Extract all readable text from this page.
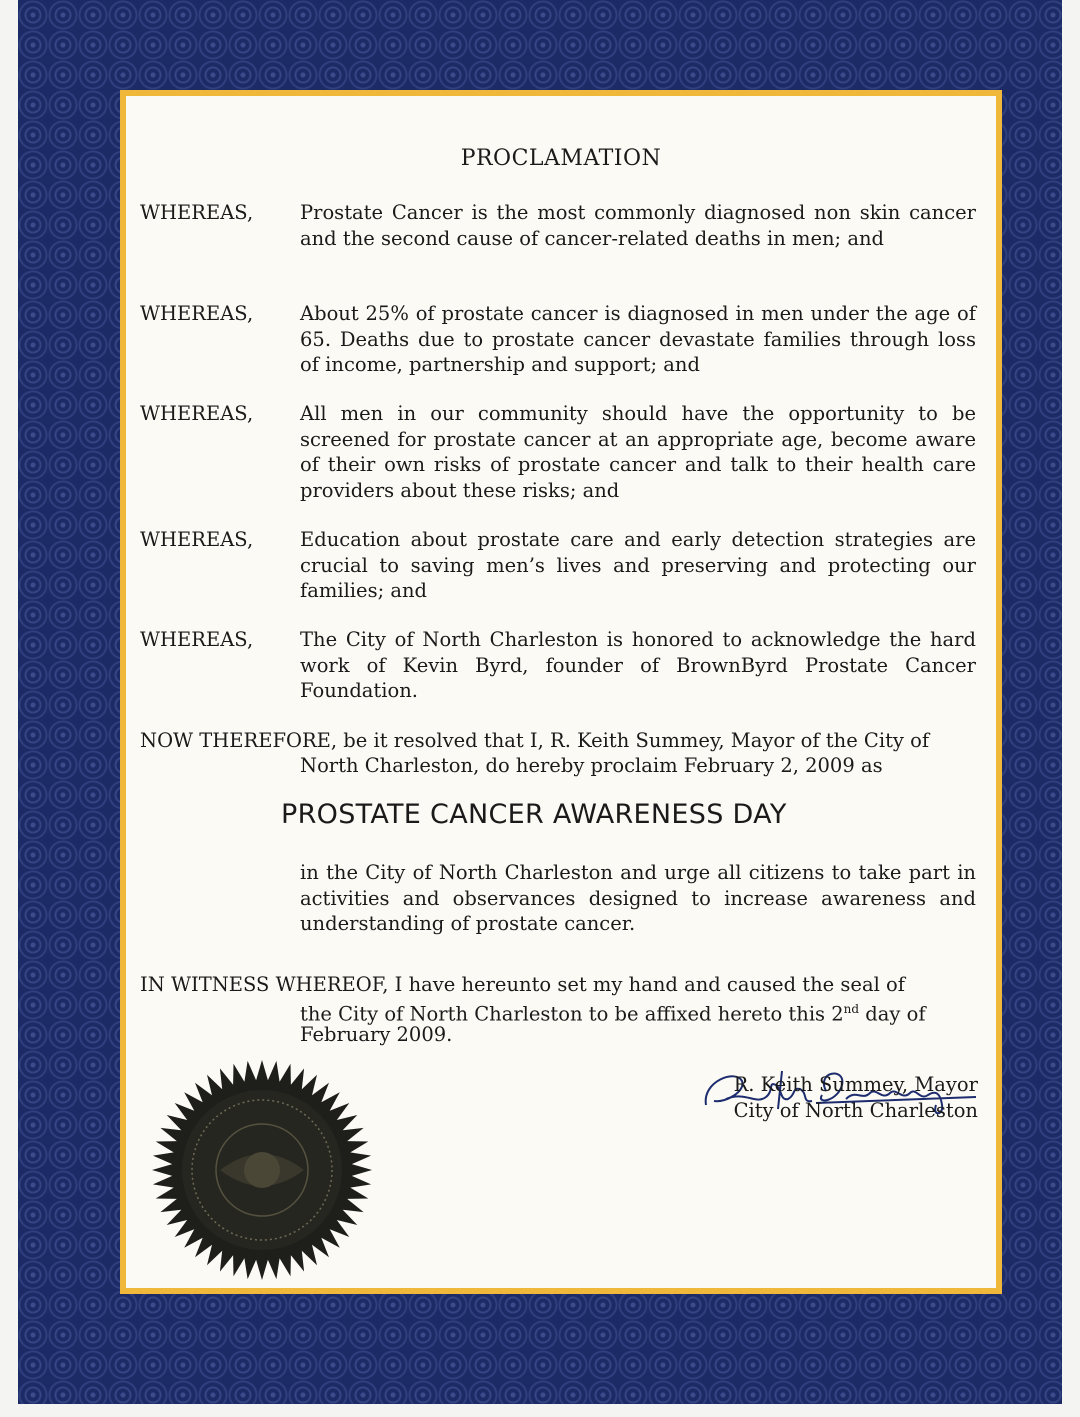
PROCLAMATION
WHEREAS, Prostate Cancer is the most commonly diagnosed non skin cancer and the second cause of cancer-related deaths in men; and
WHEREAS, About 25% of prostate cancer is diagnosed in men under the age of 65. Deaths due to prostate cancer devastate families through loss of income, partnership and support; and
WHEREAS, All men in our community should have the opportunity to be screened for prostate cancer at an appropriate age, become aware of their own risks of prostate cancer and talk to their health care providers about these risks; and
WHEREAS, Education about prostate care and early detection strategies are crucial to saving men’s lives and preserving and protecting our families; and
WHEREAS, The City of North Charleston is honored to acknowledge the hard work of Kevin Byrd, founder of BrownByrd Prostate Cancer Foundation.
NOW THEREFORE, be it resolved that I, R. Keith Summey, Mayor of the City of
North Charleston, do hereby proclaim February 2, 2009 as
PROSTATE CANCER AWARENESS DAY
in the City of North Charleston and urge all citizens to take part in activities and observances designed to increase awareness and understanding of prostate cancer.
IN WITNESS WHEREOF, I have hereunto set my hand and caused the seal of
the City of North Charleston to be affixed hereto this 2nd day of
February 2009.
R. Keith Summey, Mayor
City of North Charleston
